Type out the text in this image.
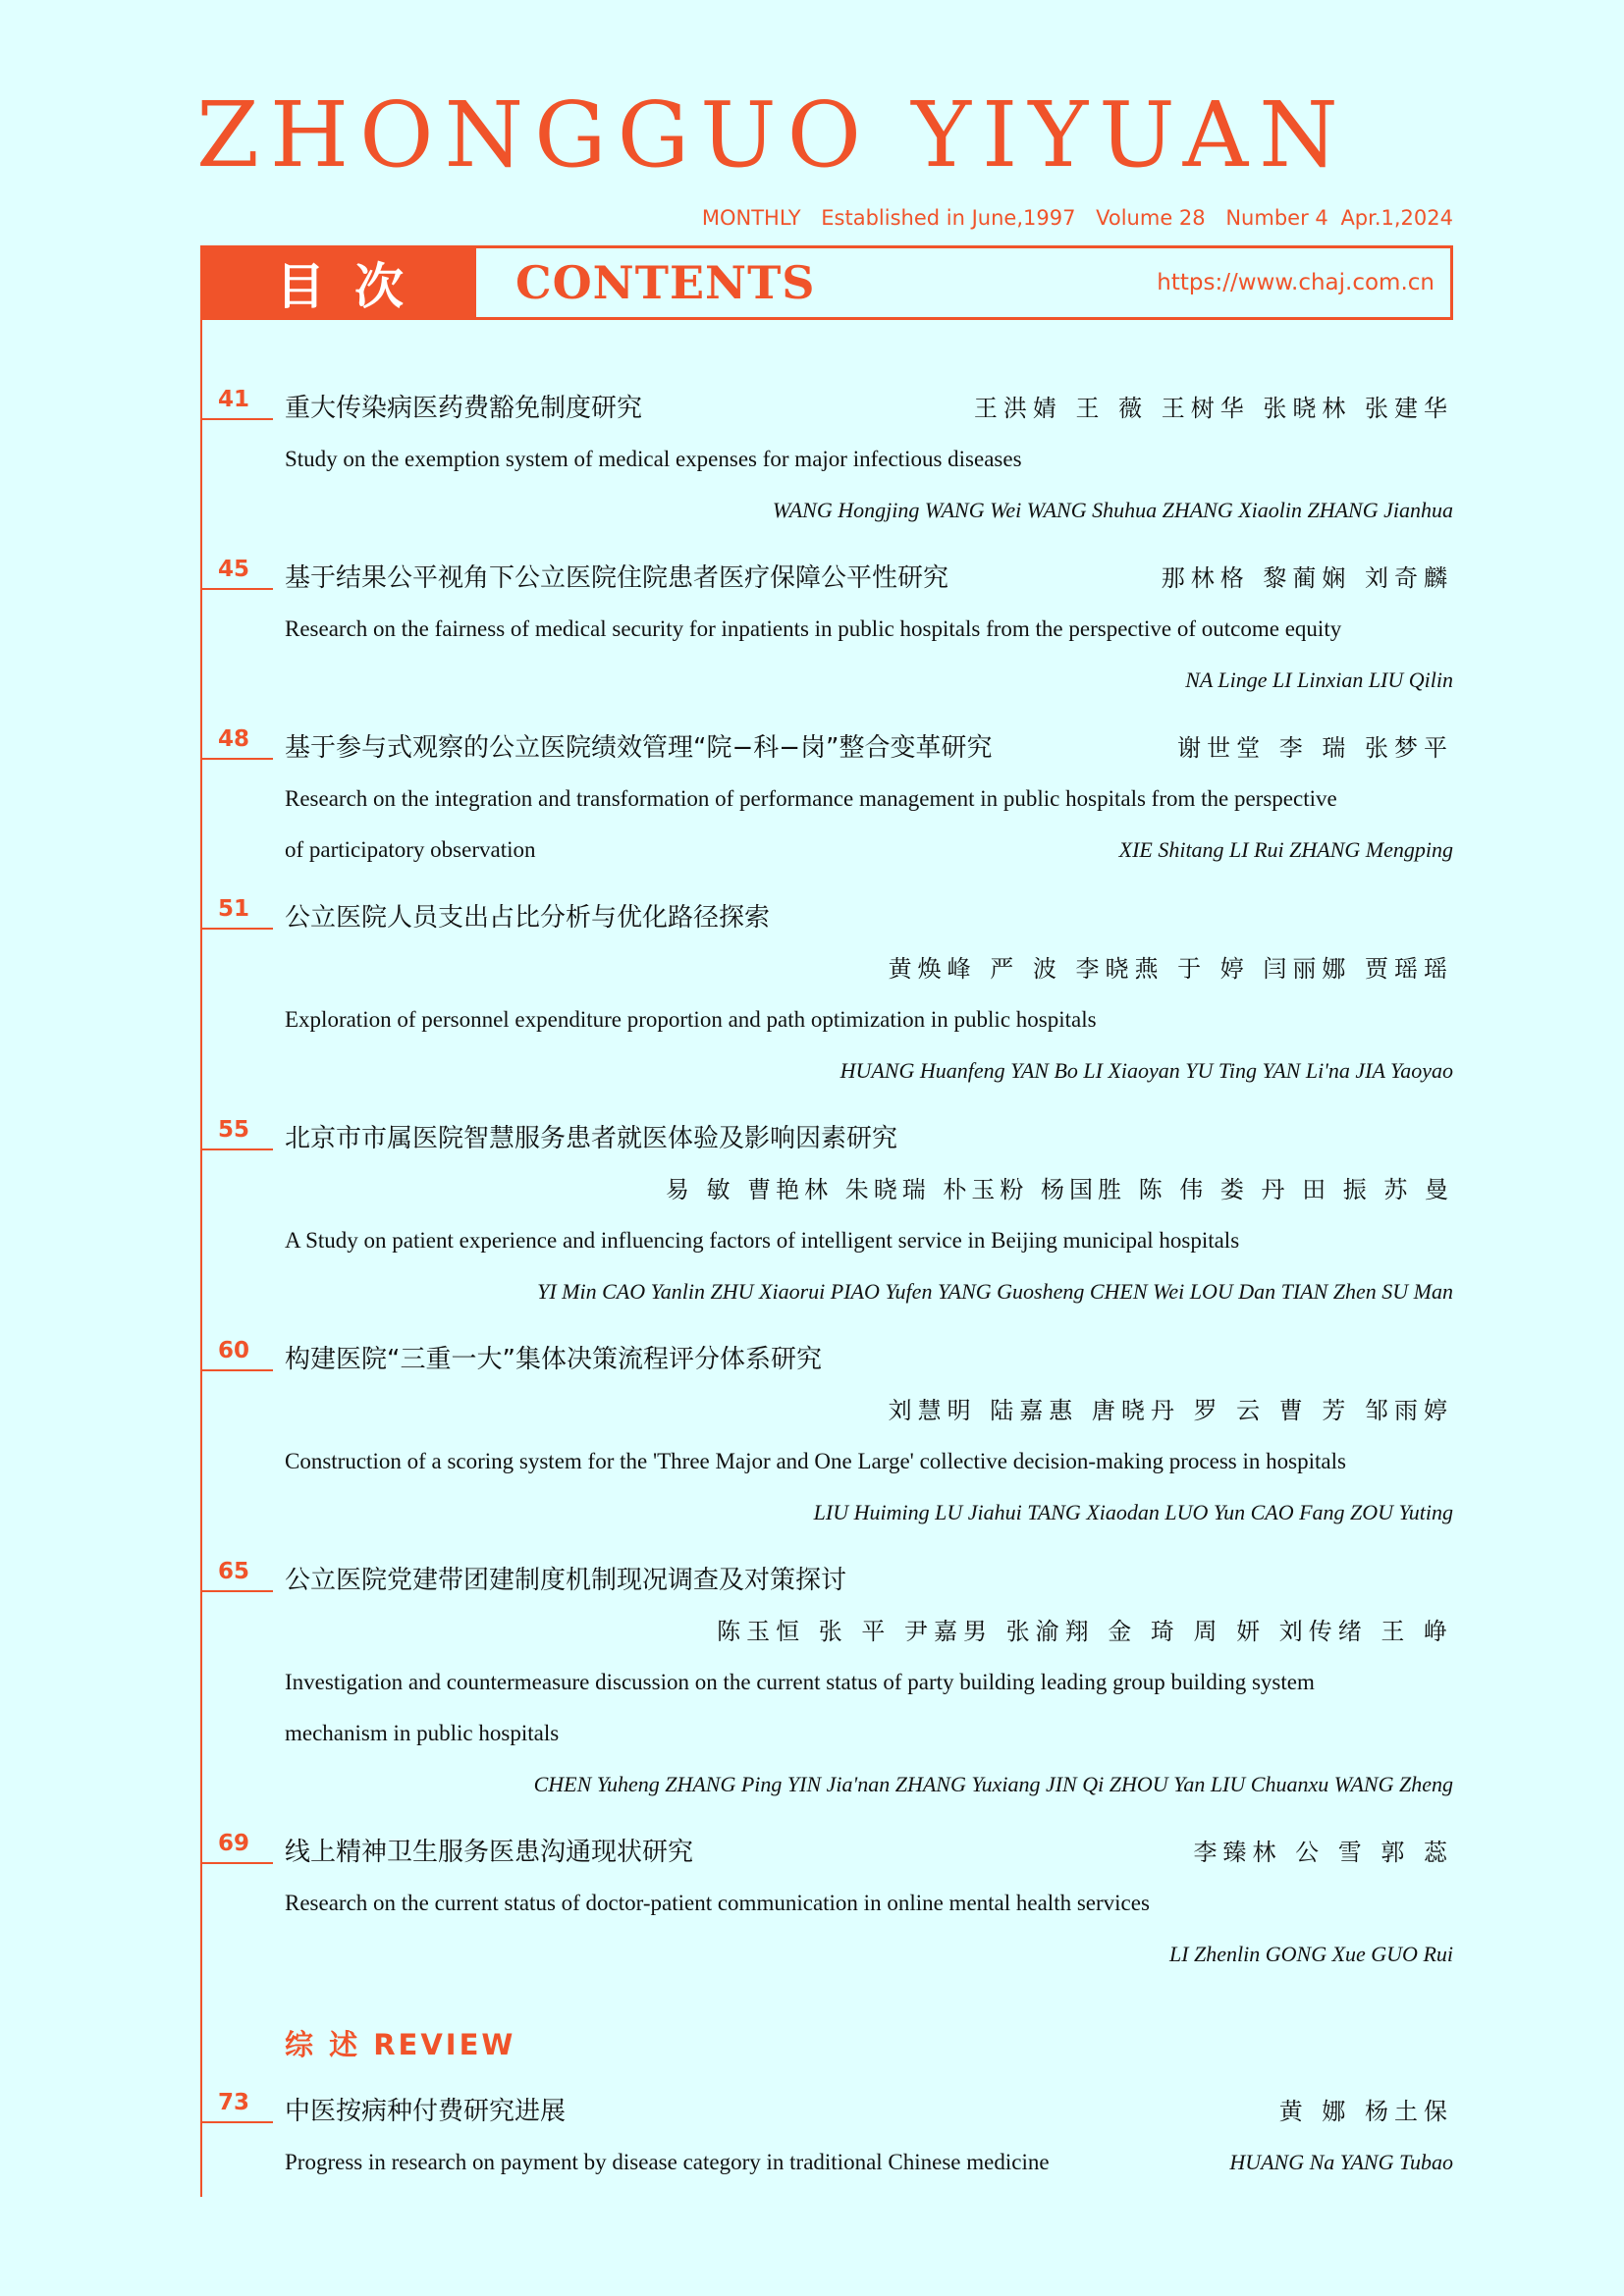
ZHONGGUO YIYUAN
MONTHLY Established in June,1997 Volume 28 Number 4 Apr.1,2024
目次	CONTENTS	https://www.chaj.com.cn
41 重大传染病医药费豁免制度研究	王洪婧 王 薇 王树华 张晓林 张建华
Study on the exemption system of medical expenses for major infectious diseases
WANG Hongjing WANG Wei WANG Shuhua ZHANG Xiaolin ZHANG Jianhua
45 基于结果公平视角下公立医院住院患者医疗保障公平性研究	那林格 黎蔺娴 刘奇麟
Research on the fairness of medical security for inpatients in public hospitals from the perspective of outcome equity
NA Linge LI Linxian LIU Qilin
48 基于参与式观察的公立医院绩效管理“院−科−岗”整合变革研究	谢世堂 李 瑞 张梦平
Research on the integration and transformation of performance management in public hospitals from the perspective
of participatory observation	XIE Shitang LI Rui ZHANG Mengping
51 公立医院人员支出占比分析与优化路径探索
黄焕峰 严 波 李晓燕 于 婷 闫丽娜 贾瑶瑶
Exploration of personnel expenditure proportion and path optimization in public hospitals
HUANG Huanfeng YAN Bo LI Xiaoyan YU Ting YAN Li'na JIA Yaoyao
55 北京市市属医院智慧服务患者就医体验及影响因素研究
易 敏 曹艳林 朱晓瑞 朴玉粉 杨国胜 陈 伟 娄 丹 田 振 苏 曼
A Study on patient experience and influencing factors of intelligent service in Beijing municipal hospitals
YI Min CAO Yanlin ZHU Xiaorui PIAO Yufen YANG Guosheng CHEN Wei LOU Dan TIAN Zhen SU Man
60 构建医院“三重一大”集体决策流程评分体系研究
刘慧明 陆嘉惠 唐晓丹 罗 云 曹 芳 邹雨婷
Construction of a scoring system for the 'Three Major and One Large' collective decision-making process in hospitals
LIU Huiming LU Jiahui TANG Xiaodan LUO Yun CAO Fang ZOU Yuting
65 公立医院党建带团建制度机制现况调查及对策探讨
陈玉恒 张 平 尹嘉男 张渝翔 金 琦 周 妍 刘传绪 王 峥
Investigation and countermeasure discussion on the current status of party building leading group building system
mechanism in public hospitals
CHEN Yuheng ZHANG Ping YIN Jia'nan ZHANG Yuxiang JIN Qi ZHOU Yan LIU Chuanxu WANG Zheng
69 线上精神卫生服务医患沟通现状研究	李臻林 公 雪 郭 蕊
Research on the current status of doctor-patient communication in online mental health services
LI Zhenlin GONG Xue GUO Rui
综 述 REVIEW
73 中医按病种付费研究进展	黄 娜 杨土保
Progress in research on payment by disease category in traditional Chinese medicine	HUANG Na YANG Tubao
